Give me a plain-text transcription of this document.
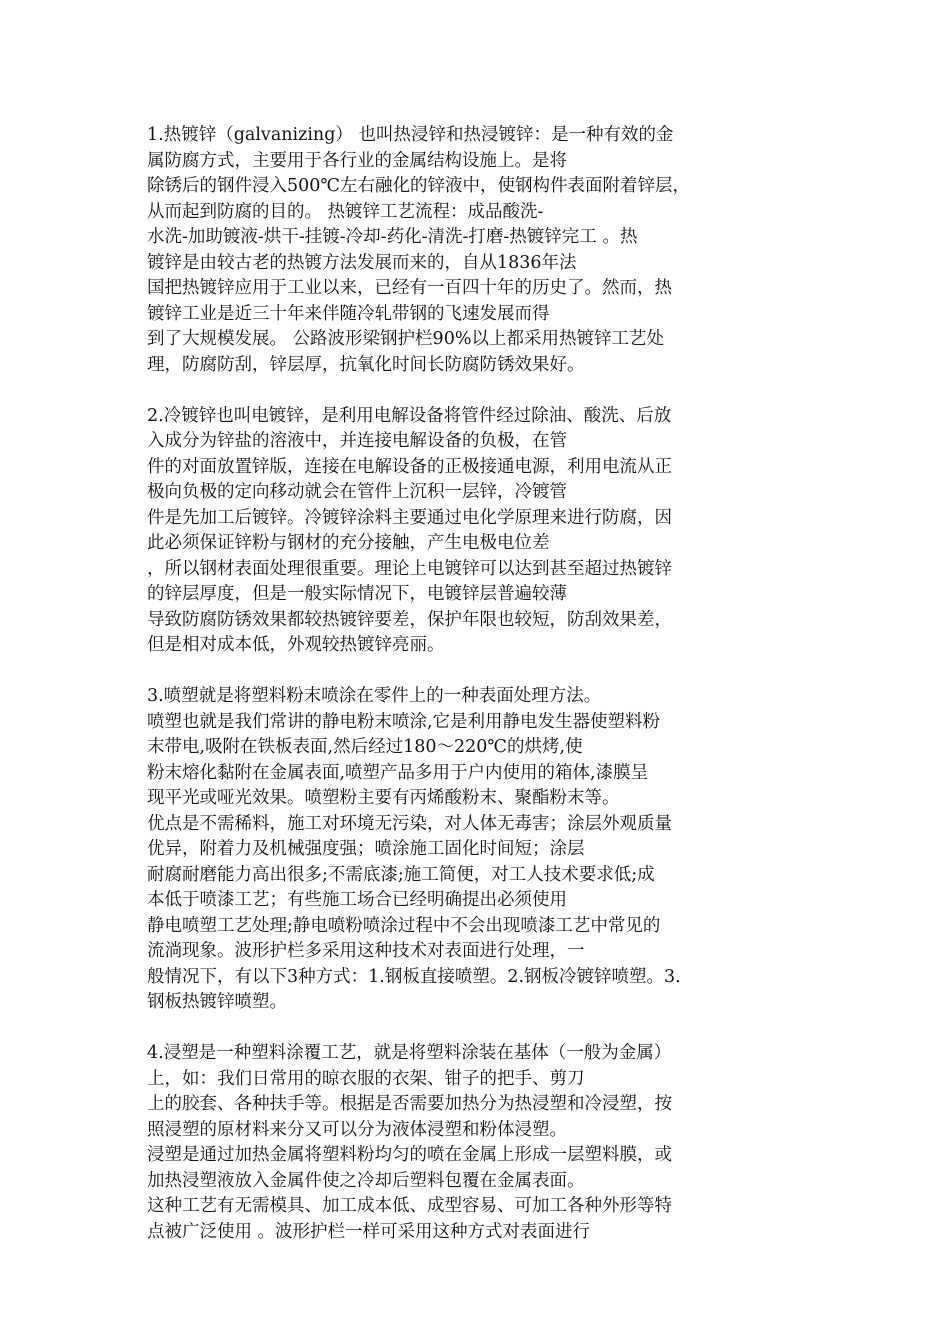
1.热镀锌（galvanizing） 也叫热浸锌和热浸镀锌：是一种有效的金
属防腐方式，主要用于各行业的金属结构设施上。是将
除锈后的钢件浸入500℃左右融化的锌液中，使钢构件表面附着锌层，
从而起到防腐的目的。 热镀锌工艺流程：成品酸洗-
水洗-加助镀液-烘干-挂镀-冷却-药化-清洗-打磨-热镀锌完工 。热
镀锌是由较古老的热镀方法发展而来的，自从1836年法
国把热镀锌应用于工业以来，已经有一百四十年的历史了。然而，热
镀锌工业是近三十年来伴随冷轧带钢的飞速发展而得
到了大规模发展。 公路波形梁钢护栏90%以上都采用热镀锌工艺处
理，防腐防刮，锌层厚，抗氧化时间长防腐防锈效果好。
2.冷镀锌也叫电镀锌，是利用电解设备将管件经过除油、酸洗、后放
入成分为锌盐的溶液中，并连接电解设备的负极，在管
件的对面放置锌版，连接在电解设备的正极接通电源，利用电流从正
极向负极的定向移动就会在管件上沉积一层锌，冷镀管
件是先加工后镀锌。冷镀锌涂料主要通过电化学原理来进行防腐，因
此必须保证锌粉与钢材的充分接触，产生电极电位差
，所以钢材表面处理很重要。理论上电镀锌可以达到甚至超过热镀锌
的锌层厚度，但是一般实际情况下，电镀锌层普遍较薄
导致防腐防锈效果都较热镀锌要差，保护年限也较短，防刮效果差，
但是相对成本低，外观较热镀锌亮丽。
3.喷塑就是将塑料粉末喷涂在零件上的一种表面处理方法。
喷塑也就是我们常讲的静电粉末喷涂,它是利用静电发生器使塑料粉
末带电,吸附在铁板表面,然后经过180～220℃的烘烤,使
粉末熔化黏附在金属表面,喷塑产品多用于户内使用的箱体,漆膜呈
现平光或哑光效果。喷塑粉主要有丙烯酸粉末、聚酯粉末等。
优点是不需稀料，施工对环境无污染，对人体无毒害；涂层外观质量
优异，附着力及机械强度强；喷涂施工固化时间短；涂层
耐腐耐磨能力高出很多;不需底漆;施工简便，对工人技术要求低;成
本低于喷漆工艺；有些施工场合已经明确提出必须使用
静电喷塑工艺处理;静电喷粉喷涂过程中不会出现喷漆工艺中常见的
流淌现象。波形护栏多采用这种技术对表面进行处理，一
般情况下，有以下3种方式：1.钢板直接喷塑。2.钢板冷镀锌喷塑。3.
钢板热镀锌喷塑。
4.浸塑是一种塑料涂覆工艺，就是将塑料涂装在基体（一般为金属）
上，如：我们日常用的晾衣服的衣架、钳子的把手、剪刀
上的胶套、各种扶手等。根据是否需要加热分为热浸塑和冷浸塑，按
照浸塑的原材料来分又可以分为液体浸塑和粉体浸塑。
浸塑是通过加热金属将塑料粉均匀的喷在金属上形成一层塑料膜，或
加热浸塑液放入金属件使之冷却后塑料包覆在金属表面。
这种工艺有无需模具、加工成本低、成型容易、可加工各种外形等特
点被广泛使用 。波形护栏一样可采用这种方式对表面进行
